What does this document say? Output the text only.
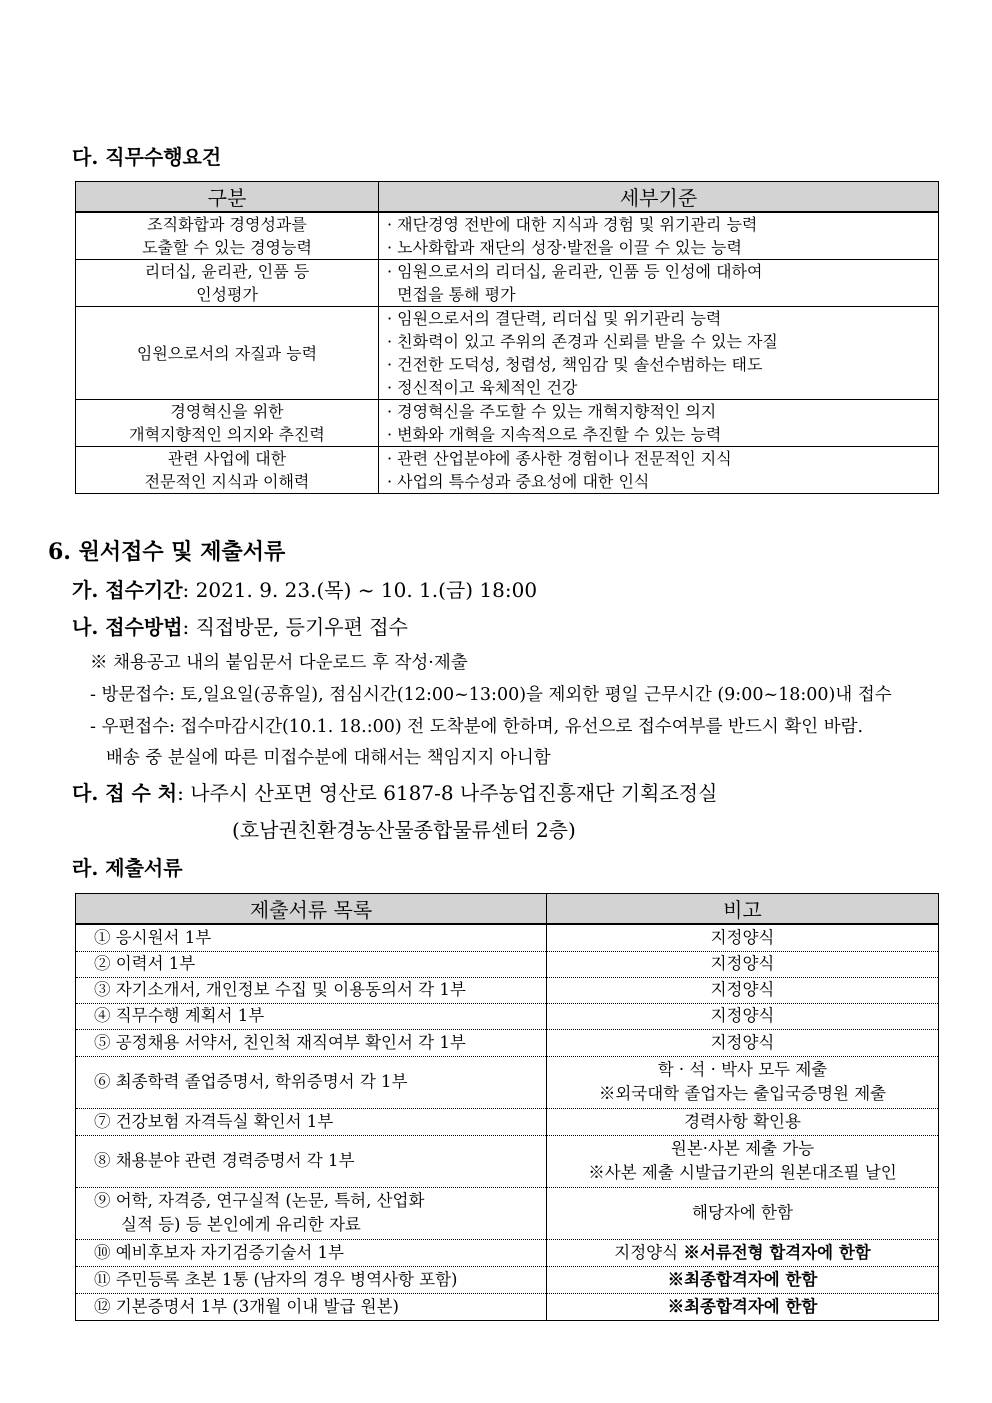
다. 직무수행요건
구분	세부기준

조직화합과 경영성과를
도출할 수 있는 경영능력	· 재단경영 전반에 대한 지식과 경험 및 위기관리 능력
· 노사화합과 재단의 성장·발전을 이끌 수 있는 능력

리더십, 윤리관, 인품 등
인성평가	· 임원으로서의 리더십, 윤리관, 인품 등 인성에 대하여
면접을 통해 평가

임원으로서의 자질과 능력	· 임원으로서의 결단력, 리더십 및 위기관리 능력
· 친화력이 있고 주위의 존경과 신뢰를 받을 수 있는 자질
· 건전한 도덕성, 청렴성, 책임감 및 솔선수범하는 태도
· 정신적이고 육체적인 건강

경영혁신을 위한
개혁지향적인 의지와 추진력	· 경영혁신을 주도할 수 있는 개혁지향적인 의지
· 변화와 개혁을 지속적으로 추진할 수 있는 능력

관련 사업에 대한
전문적인 지식과 이해력	· 관련 산업분야에 종사한 경험이나 전문적인 지식
· 사업의 특수성과 중요성에 대한 인식
6. 원서접수 및 제출서류
가. 접수기간: 2021. 9. 23.(목) ~ 10. 1.(금) 18:00
나. 접수방법: 직접방문, 등기우편 접수
※ 채용공고 내의 붙임문서 다운로드 후 작성·제출
- 방문접수: 토,일요일(공휴일), 점심시간(12:00~13:00)을 제외한 평일 근무시간 (9:00~18:00)내 접수
- 우편접수: 접수마감시간(10.1. 18.:00) 전 도착분에 한하며, 유선으로 접수여부를 반드시 확인 바람.
배송 중 분실에 따른 미접수분에 대해서는 책임지지 아니함
다. 접 수 처: 나주시 산포면 영산로 6187-8 나주농업진흥재단 기획조정실
(호남권친환경농산물종합물류센터 2층)
라. 제출서류
제출서류 목록	비고
① 응시원서 1부	지정양식
② 이력서 1부	지정양식
③ 자기소개서, 개인정보 수집 및 이용동의서 각 1부	지정양식
④ 직무수행 계획서 1부	지정양식
⑤ 공정채용 서약서, 친인척 재직여부 확인서 각 1부	지정양식
⑥ 최종학력 졸업증명서, 학위증명서 각 1부	학 · 석 · 박사 모두 제출
※외국대학 졸업자는 출입국증명원 제출

⑦ 건강보험 자격득실 확인서 1부	경력사항 확인용
⑧ 채용분야 관련 경력증명서 각 1부	원본·사본 제출 가능
※사본 제출 시발급기관의 원본대조필 날인

⑨ 어학, 자격증, 연구실적 (논문, 특허, 산업화
실적 등) 등 본인에게 유리한 자료	해당자에 한함
⑩ 예비후보자 자기검증기술서 1부	지정양식 ※서류전형 합격자에 한함
⑪ 주민등록 초본 1통 (남자의 경우 병역사항 포함)	※최종합격자에 한함
⑫ 기본증명서 1부 (3개월 이내 발급 원본)	※최종합격자에 한함
